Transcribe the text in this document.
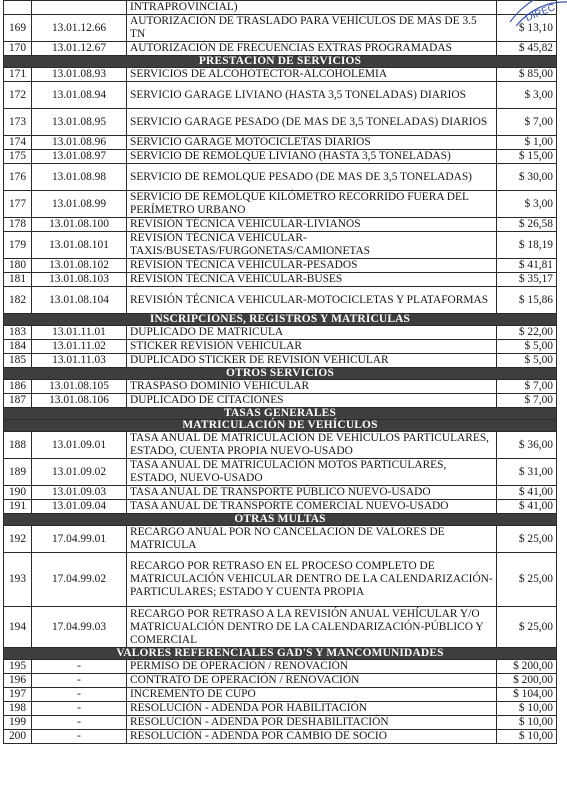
		INTRAPROVINCIAL)	
169	13.01.12.66	AUTORIZACIÓN DE TRASLADO PARA VEHÍCULOS DE MÁS DE 3.5 TN	$ 13,10
170	13.01.12.67	AUTORIZACIÓN DE FRECUENCIAS EXTRAS PROGRAMADAS	$ 45,82
PRESTACION DE SERVICIOS			
171	13.01.08.93	SERVICIOS DE ALCOHOTECTOR-ALCOHOLEMIA	$ 85,00
172	13.01.08.94	SERVICIO GARAGE LIVIANO (HASTA 3,5 TONELADAS) DIARIOS	$ 3,00
173	13.01.08.95	SERVICIO GARAGE PESADO (DE MAS DE 3,5 TONELADAS) DIARIOS	$ 7,00
174	13.01.08.96	SERVICIO GARAGE MOTOCICLETAS DIARIOS	$ 1,00
175	13.01.08.97	SERVICIO DE REMOLQUE LIVIANO (HASTA 3,5 TONELADAS)	$ 15,00
176	13.01.08.98	SERVICIO DE REMOLQUE PESADO (DE MAS DE 3,5 TONELADAS)	$ 30,00
177	13.01.08.99	SERVICIO DE REMOLQUE KILÓMETRO RECORRIDO FUERA DEL PERÍMETRO URBANO	$ 3,00
178	13.01.08.100	REVISIÓN TÉCNICA VEHICULAR-LIVIANOS	$ 26,58
179	13.01.08.101	REVISIÓN TÉCNICA VEHICULAR-TAXIS/BUSETAS/FURGONETAS/CAMIONETAS	$ 18,19
180	13.01.08.102	REVISIÓN TÉCNICA VEHICULAR-PESADOS	$ 41,81
181	13.01.08.103	REVISIÓN TÉCNICA VEHICULAR-BUSES	$ 35,17
182	13.01.08.104	REVISIÓN TÉCNICA VEHICULAR-MOTOCICLETAS Y PLATAFORMAS	$ 15,86
INSCRIPCIONES, REGISTROS Y MATRÍCULAS			
183	13.01.11.01	DUPLICADO DE MATRICULA	$ 22,00
184	13.01.11.02	STICKER REVISIÓN VEHICULAR	$ 5,00
185	13.01.11.03	DUPLICADO STICKER DE REVISIÓN VEHICULAR	$ 5,00
OTROS SERVICIOS			
186	13.01.08.105	TRASPASO DOMINIO VEHICULAR	$ 7,00
187	13.01.08.106	DUPLICADO DE CITACIONES	$ 7,00
TASAS GENERALES			
MATRICULACIÓN DE VEHÍCULOS			
188	13.01.09.01	TASA ANUAL DE MATRICULACIÓN DE VEHÍCULOS PARTICULARES, ESTADO, CUENTA PROPIA NUEVO-USADO	$ 36,00
189	13.01.09.02	TASA ANUAL DE MATRICULACIÓN MOTOS PARTICULARES, ESTADO, NUEVO-USADO	$ 31,00
190	13.01.09.03	TASA ANUAL DE TRANSPORTE PÚBLICO NUEVO-USADO	$ 41,00
191	13.01.09.04	TASA ANUAL DE TRANSPORTE COMERCIAL NUEVO-USADO	$ 41,00
OTRAS MULTAS			
192	17.04.99.01	RECARGO ANUAL POR NO CANCELACIÓN DE VALORES DE MATRICULA	$ 25,00
193	17.04.99.02	RECARGO POR RETRASO EN EL PROCESO COMPLETO DE MATRICULACIÓN VEHICULAR DENTRO DE LA CALENDARIZACIÓN-PARTICULARES; ESTADO Y CUENTA PROPIA	$ 25,00
194	17.04.99.03	RECARGO POR RETRASO A LA REVISIÓN ANUAL VEHÍCULAR Y/O MATRICUALCIÓN DENTRO DE LA CALENDARIZACIÓN-PÚBLICO Y COMERCIAL	$ 25,00
VALORES REFERENCIALES GAD'S Y MANCOMUNIDADES			
195	-	PERMISO DE OPERACIÓN / RENOVACIÓN	$ 200,00
196	-	CONTRATO DE OPERACIÓN / RENOVACIÓN	$ 200,00
197	-	INCREMENTO DE CUPO	$ 104,00
198	-	RESOLUCIÓN - ADENDA POR HABILITACIÓN	$ 10,00
199	-	RESOLUCIÓN - ADENDA POR DESHABILITACIÓN	$ 10,00
200	-	RESOLUCIÓN - ADENDA POR CAMBIO DE SOCIO	$ 10,00
DIREC
